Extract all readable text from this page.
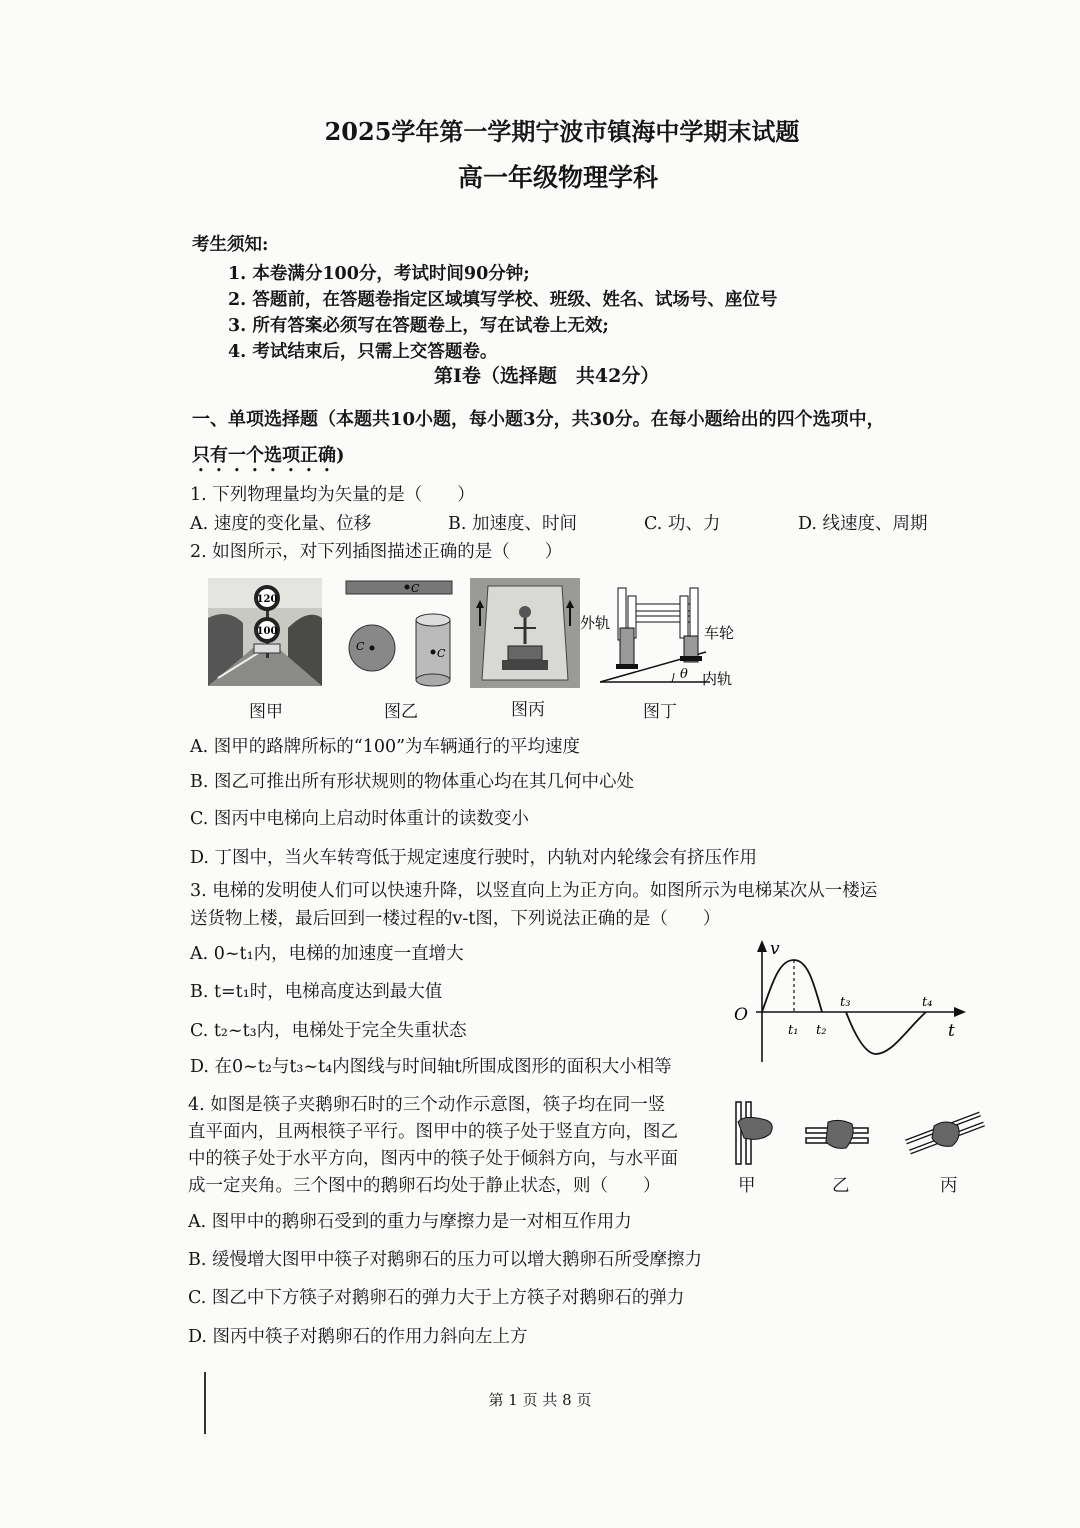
2025学年第一学期宁波市镇海中学期末试题
高一年级物理学科
考生须知:
1. 本卷满分100分，考试时间90分钟;
2. 答题前，在答题卷指定区域填写学校、班级、姓名、试场号、座位号
3. 所有答案必须写在答题卷上，写在试卷上无效;
4. 考试结束后，只需上交答题卷。
第Ⅰ卷（选择题　共42分）
一、单项选择题（本题共10小题，每小题3分，共30分。在每小题给出的四个选项中，
只有一个选项正确)
1. 下列物理量均为矢量的是（　　）
A. 速度的变化量、位移	B. 加速度、时间	C. 功、力	D. 线速度、周期
2. 如图所示，对下列插图描述正确的是（　　）
120
100
C
C
C
外轨
车轮
内轨
θ
图甲	图乙	图丙	图丁
A. 图甲的路牌所标的“100”为车辆通行的平均速度
B. 图乙可推出所有形状规则的物体重心均在其几何中心处
C. 图丙中电梯向上启动时体重计的读数变小
D. 丁图中，当火车转弯低于规定速度行驶时，内轨对内轮缘会有挤压作用
3. 电梯的发明使人们可以快速升降，以竖直向上为正方向。如图所示为电梯某次从一楼运
送货物上楼，最后回到一楼过程的v-t图，下列说法正确的是（　　）
A. 0~t₁内，电梯的加速度一直增大
B. t=t₁时，电梯高度达到最大值
C. t₂~t₃内，电梯处于完全失重状态
D. 在0~t₂与t₃~t₄内图线与时间轴t所围成图形的面积大小相等
v
O
t
t₁ t₂
t₃	t₄
4. 如图是筷子夹鹅卵石时的三个动作示意图，筷子均在同一竖
直平面内，且两根筷子平行。图甲中的筷子处于竖直方向，图乙
中的筷子处于水平方向，图丙中的筷子处于倾斜方向，与水平面
成一定夹角。三个图中的鹅卵石均处于静止状态，则（　　）	甲	乙	丙
A. 图甲中的鹅卵石受到的重力与摩擦力是一对相互作用力
B. 缓慢增大图甲中筷子对鹅卵石的压力可以增大鹅卵石所受摩擦力
C. 图乙中下方筷子对鹅卵石的弹力大于上方筷子对鹅卵石的弹力
D. 图丙中筷子对鹅卵石的作用力斜向左上方
第 1 页 共 8 页
